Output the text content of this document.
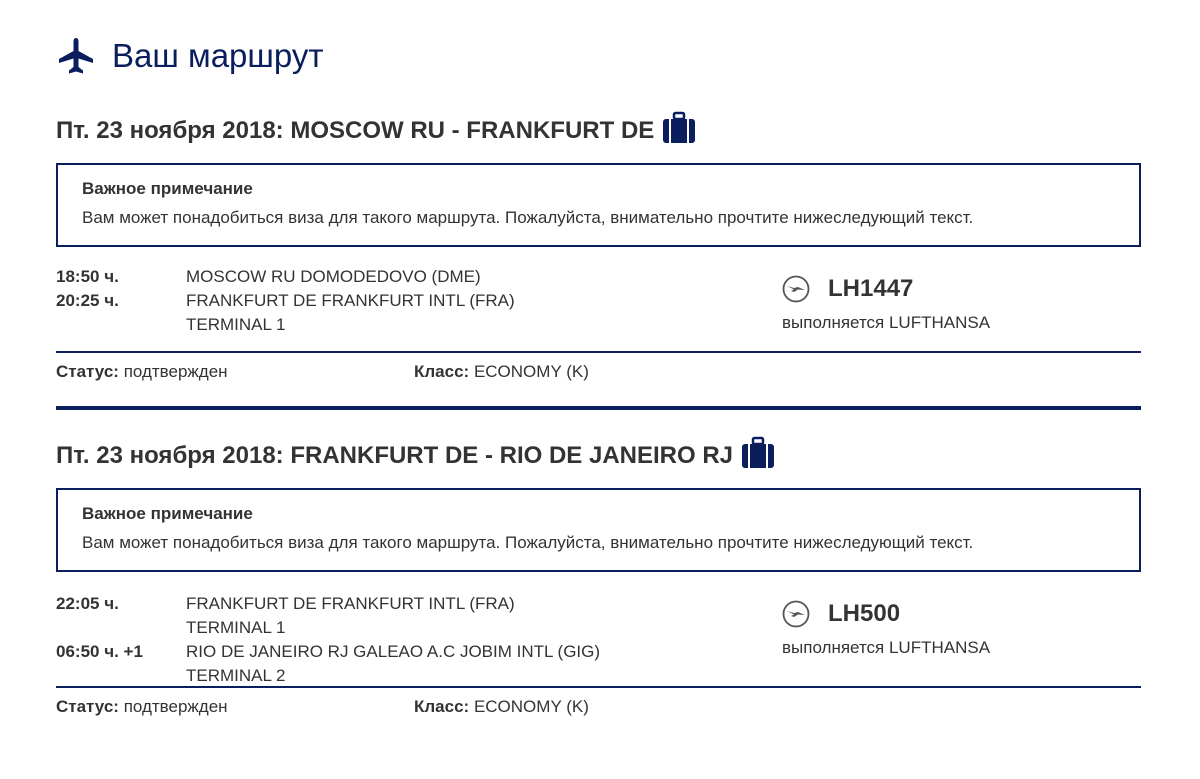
Ваш маршрут
Пт. 23 ноября 2018: MOSCOW RU - FRANKFURT DE
Важное примечание
Вам может понадобиться виза для такого маршрута. Пожалуйста, внимательно прочтите нижеследующий текст.
18:50 ч.	MOSCOW RU DOMODEDOVO (DME)
20:25 ч.	FRANKFURT DE FRANKFURT INTL (FRA)
TERMINAL 1
LH1447
выполняется LUFTHANSA
Статус: подтвержден	Класс: ECONOMY (K)
Пт. 23 ноября 2018: FRANKFURT DE - RIO DE JANEIRO RJ
Важное примечание
Вам может понадобиться виза для такого маршрута. Пожалуйста, внимательно прочтите нижеследующий текст.
22:05 ч.	FRANKFURT DE FRANKFURT INTL (FRA)
TERMINAL 1
06:50 ч. +1	RIO DE JANEIRO RJ GALEAO A.C JOBIM INTL (GIG)
TERMINAL 2
LH500
выполняется LUFTHANSA
Статус: подтвержден	Класс: ECONOMY (K)
